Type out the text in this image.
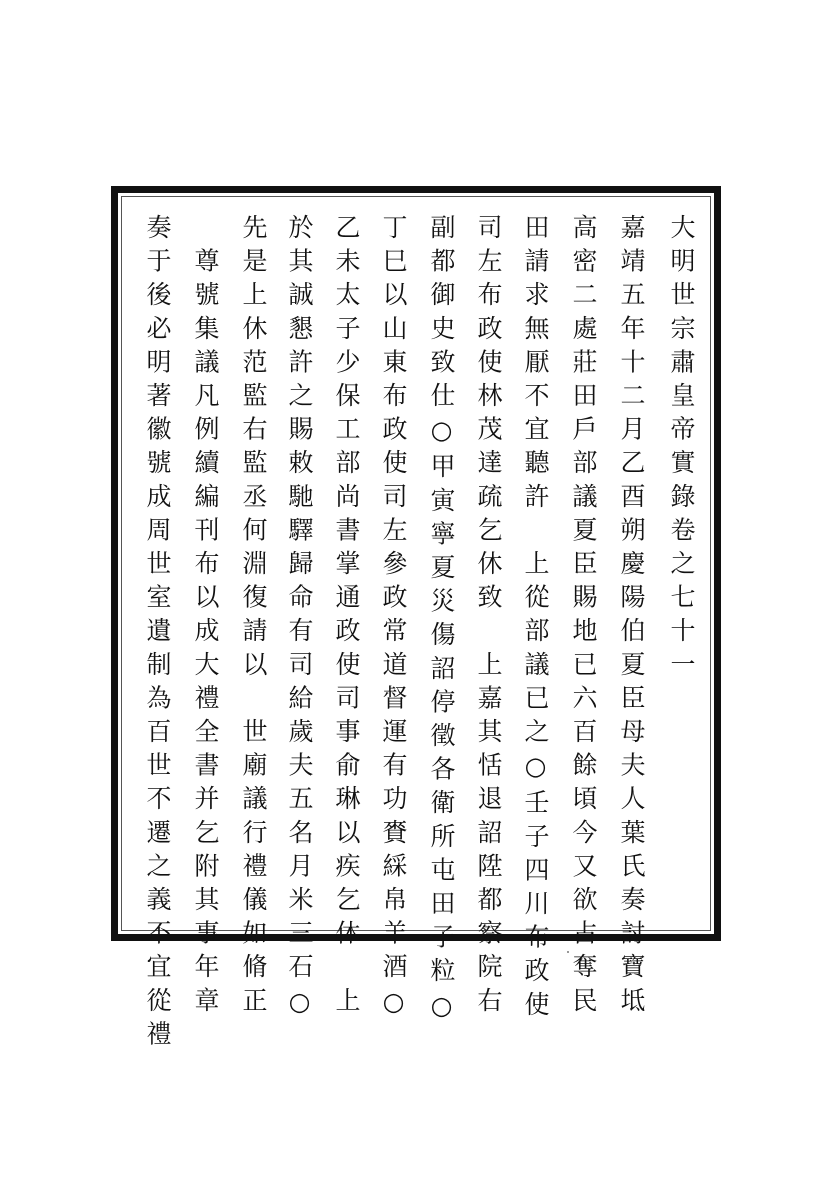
大明世宗肅皇帝實錄卷之七十一
嘉靖五年十二月乙酉朔慶陽伯夏臣母夫人葉氏奏討寶坻
高密二處莊田戶部議夏臣賜地已六百餘頃今又欲占奪民
田請求無厭不宜聽許　上從部議已之○壬子四川布政使
司左布政使林茂達疏乞休致　上嘉其恬退詔陞都察院右
副都御史致仕○甲寅寧夏災傷詔停徵各衛所屯田子粒○
丁巳以山東布政使司左參政常道督運有功賚綵帛羊酒○
乙未太子少保工部尚書掌通政使司事俞琳以疾乞休　上
於其誠懇許之賜敕馳驛歸命有司給歲夫五名月米三石○
先是上休范監右監丞何淵復請以　世廟議行禮儀如脩正
　尊號集議凡例續編刊布以成大禮全書并乞附其事年章
奏于後必明著徽號成周世室遺制為百世不遷之義不宜從禮
